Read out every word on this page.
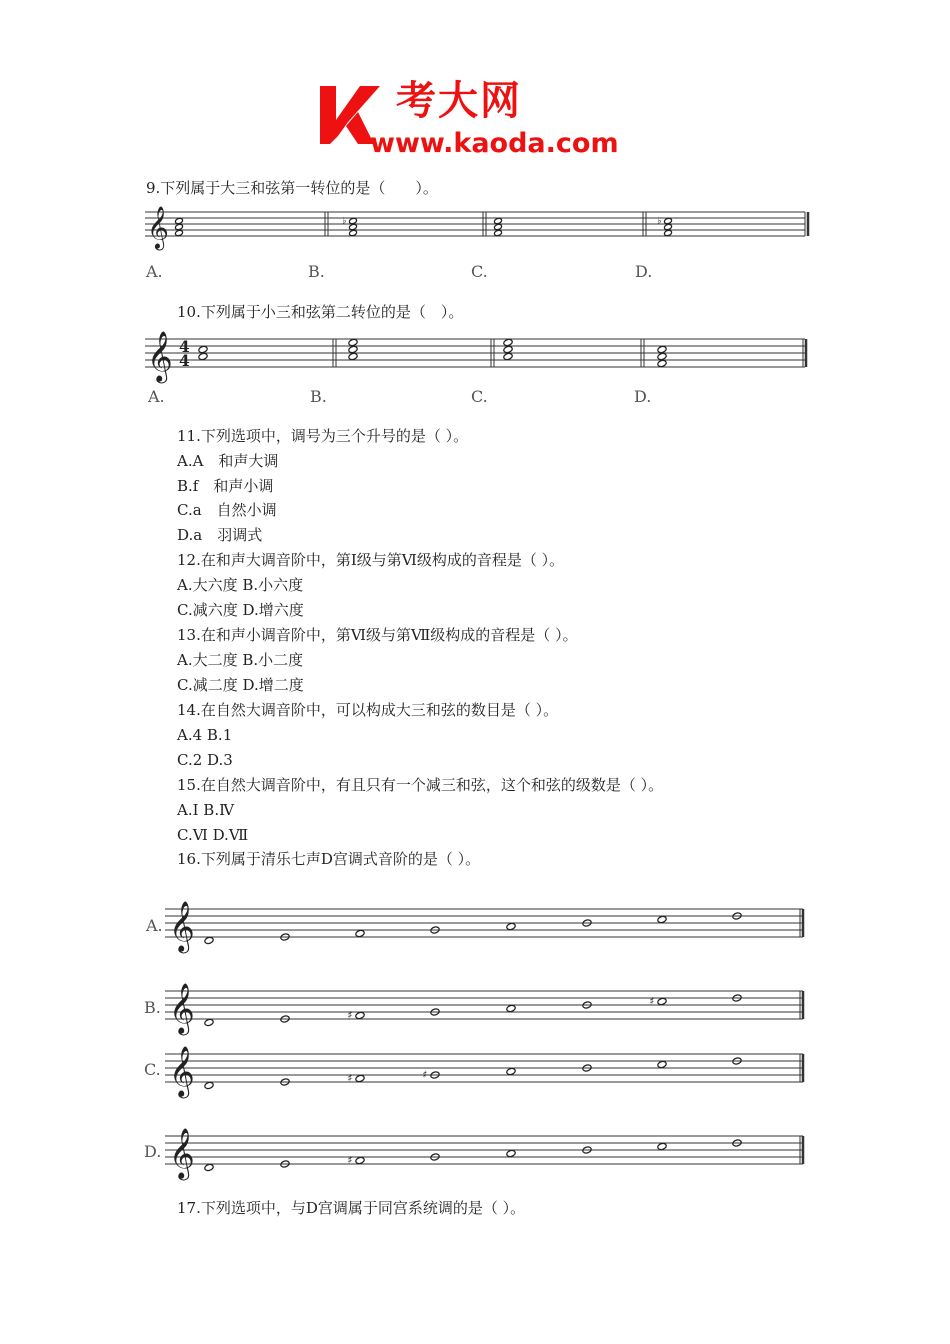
考大网
www.kaoda.com
9.下列属于大三和弦第一转位的是（　　）。
𝄞	♭	♭
A.	B.	C.	D.
10.下列属于小三和弦第二转位的是（　）。
𝄞 4
4
A.	B.	C.	D.
11.下列选项中，调号为三个升号的是（ ）。
A.A　和声大调
B.f　和声小调
C.a　自然小调
D.a　羽调式
12.在和声大调音阶中，第Ⅰ级与第Ⅵ级构成的音程是（ ）。
A.大六度 B.小六度
C.减六度 D.增六度
13.在和声小调音阶中，第Ⅵ级与第Ⅶ级构成的音程是（ ）。
A.大二度 B.小二度
C.减二度 D.增二度
14.在自然大调音阶中，可以构成大三和弦的数目是（ ）。
A.4 B.1
C.2 D.3
15.在自然大调音阶中，有且只有一个减三和弦，这个和弦的级数是（ ）。
A.Ⅰ B.Ⅳ
C.Ⅵ D.Ⅶ
16.下列属于清乐七声D宫调式音阶的是（ ）。
A. 𝄞
B. 𝄞	♯
♯
C. 𝄞	♯	♯
D. 𝄞	♯
17.下列选项中，与D宫调属于同宫系统调的是（ ）。
